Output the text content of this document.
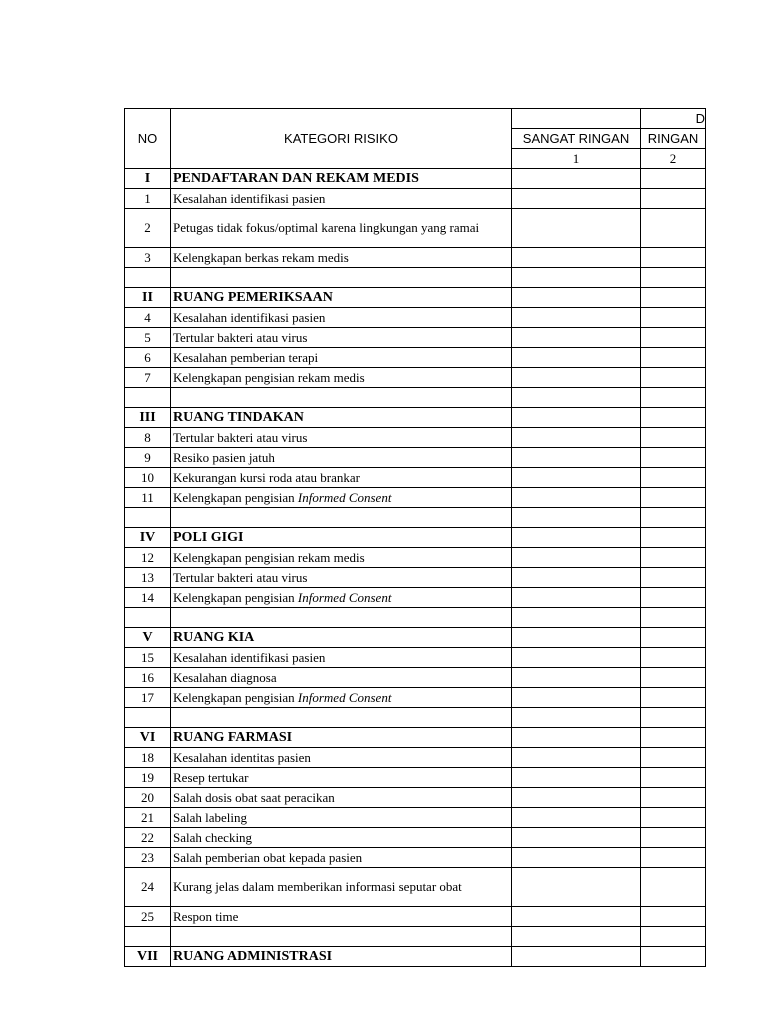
NO	KATEGORI RISIKO		D
		SANGAT RINGAN	RINGAN
		1	2
I	PENDAFTARAN DAN REKAM MEDIS		
1	Kesalahan identifikasi pasien		
2	Petugas tidak fokus/optimal karena lingkungan yang ramai		
3	Kelengkapan berkas rekam medis		

II	RUANG PEMERIKSAAN		
4	Kesalahan identifikasi pasien		
5	Tertular bakteri atau virus		
6	Kesalahan pemberian terapi		
7	Kelengkapan pengisian rekam medis		

III	RUANG TINDAKAN		
8	Tertular bakteri atau virus		
9	Resiko pasien jatuh		
10	Kekurangan kursi roda atau brankar		
11	Kelengkapan pengisian Informed Consent		

IV	POLI GIGI		
12	Kelengkapan pengisian rekam medis		
13	Tertular bakteri atau virus		
14	Kelengkapan pengisian Informed Consent		

V	RUANG KIA		
15	Kesalahan identifikasi pasien		
16	Kesalahan diagnosa		
17	Kelengkapan pengisian Informed Consent		

VI	RUANG FARMASI		
18	Kesalahan identitas pasien		
19	Resep tertukar		
20	Salah dosis obat saat peracikan		
21	Salah labeling		
22	Salah checking		
23	Salah pemberian obat kepada pasien		
24	Kurang jelas dalam memberikan informasi seputar obat		
25	Respon time		

VII	RUANG ADMINISTRASI		
